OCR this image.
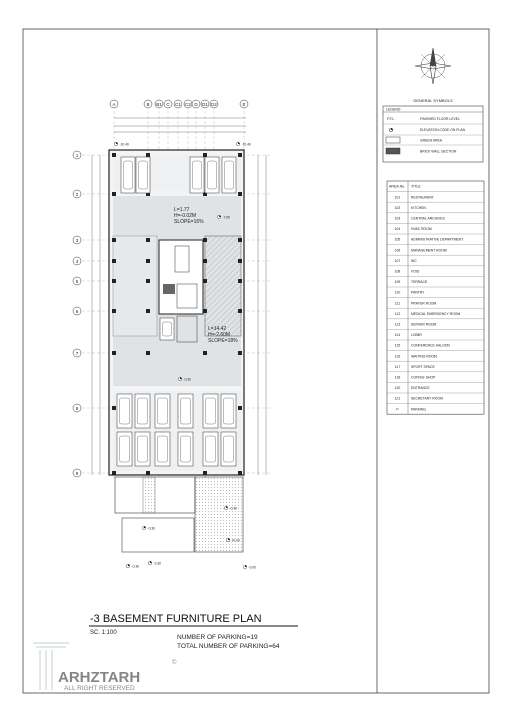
GENERAL SYMBOLS
LEGEND
F.F.L.	FINISHED FLOOR LEVEL
ELEVATION CODE ON PLAN
GREEN AREA
BRICK WALL SECTION
AREA No. TITLE
101	RESTAURANT
102	KITCHEN
103	CENTRAL ARCHIVES
104	HVAC ROOM
105	ADMINISTRATIVE DEPARTMENT
106	MANAGEMENT ROOM
107	WC
108	VOID
109	TERRACE
110	PANTRY
111	PRAYER ROOM
112	MEDICAL EMERGENCY ROOM
113	SERVER ROOM
114	LOBBY
115	CONFERENCE SALOON
116	WAITING ROOM
117	SPORT SPACE
118	COFFEE SHOP
120	ENTRANCE
121	SECRETARY ROOM
P	PARKING
A	B B1 C C1 C2 D D1 D2	E
1
2
3
4
5
6
7
8
9
L=1.77
H=-0.02M
SLOPE=16%
L=14.42
H=-2.60M
SLOPE=18%
-10.40	-10.40
-7.60
-0.30
-0.30
-0.30
-0.30
-0.30
+0.00
-0.00
-3 BASEMENT FURNITURE PLAN
SC. 1:100
NUMBER OF PARKING=19
TOTAL NUMBER OF PARKING=64
ARHZTARH
©
ALL RIGHT RESERVED
